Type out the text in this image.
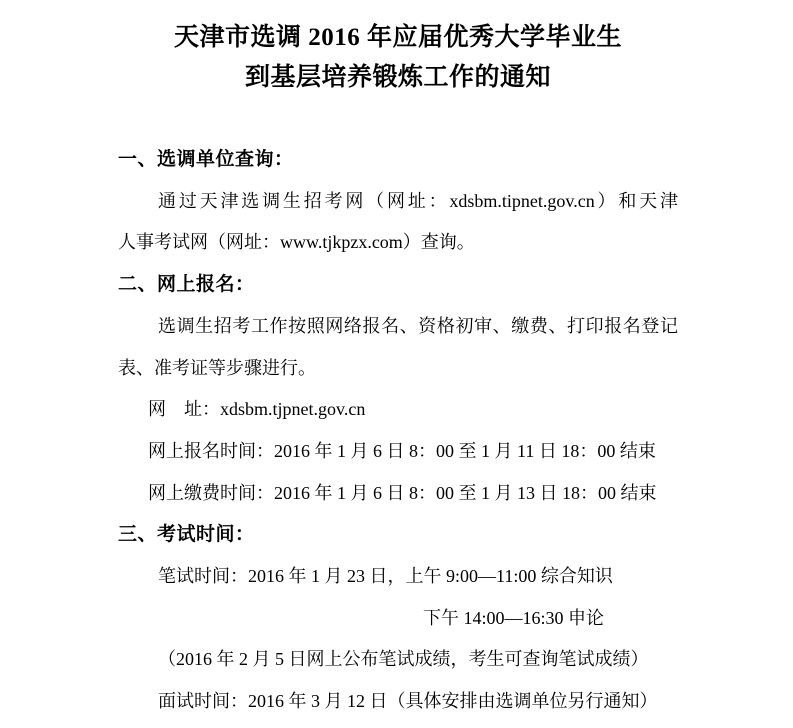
天津市选调 2016 年应届优秀大学毕业生
到基层培养锻炼工作的通知

一、选调单位查询：

通过天津选调生招考网（网址：xdsbm.tipnet.gov.cn）和天津

人事考试网（网址：www.tjkpzx.com）查询。

二、网上报名：

选调生招考工作按照网络报名、资格初审、缴费、打印报名登记

表、准考证等步骤进行。

网　址：xdsbm.tjpnet.gov.cn

网上报名时间：2016 年 1 月 6 日 8：00 至 1 月 11 日 18：00 结束

网上缴费时间：2016 年 1 月 6 日 8：00 至 1 月 13 日 18：00 结束

三、考试时间：

笔试时间：2016 年 1 月 23 日，上午 9:00—11:00 综合知识

下午 14:00—16:30 申论

（2016 年 2 月 5 日网上公布笔试成绩，考生可查询笔试成绩）

面试时间：2016 年 3 月 12 日（具体安排由选调单位另行通知）
